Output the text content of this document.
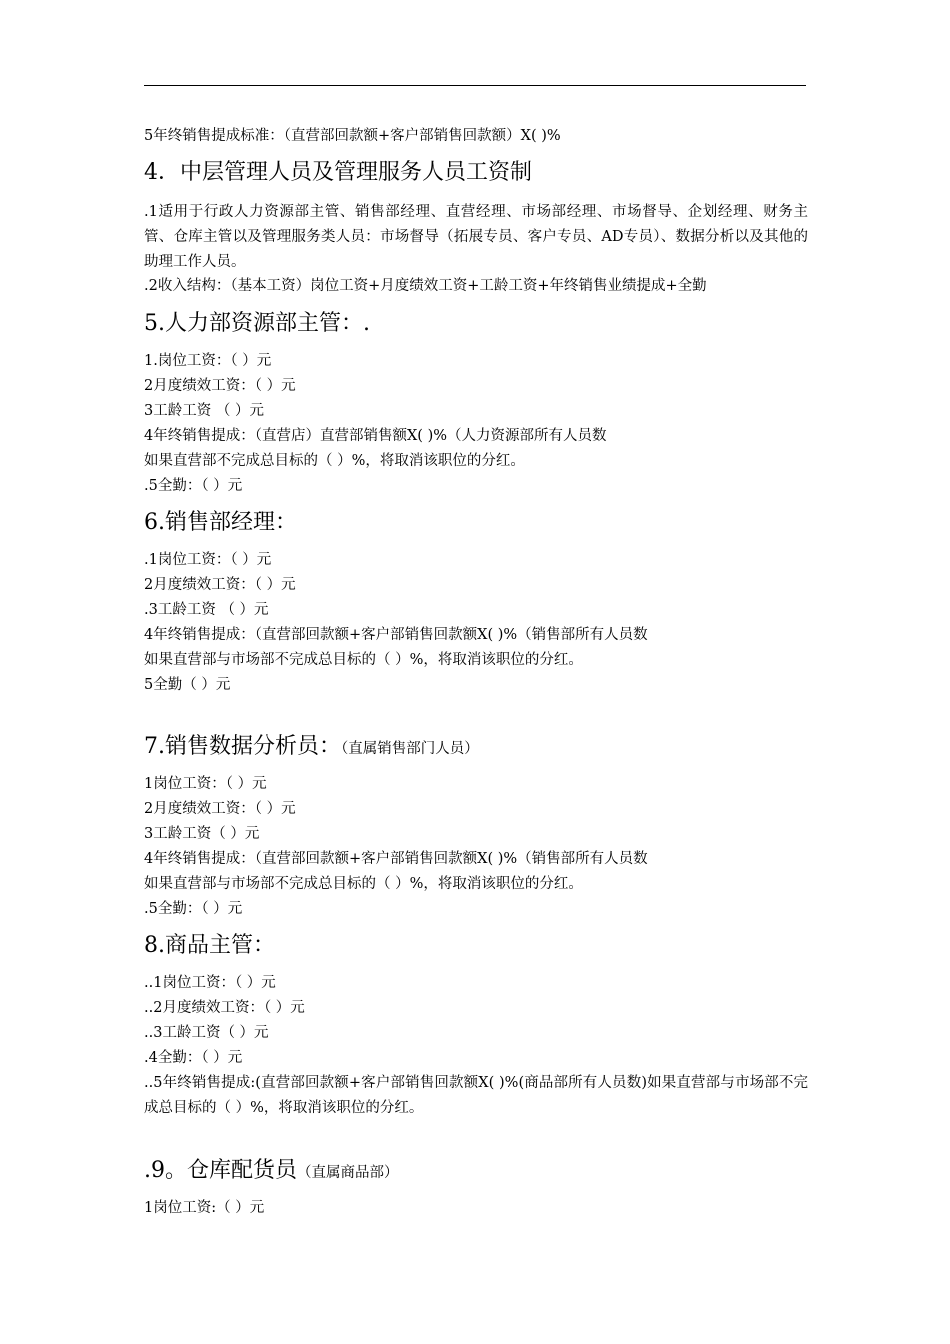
5年终销售提成标准：（直营部回款额+客户部销售回款额）X( )%
4．中层管理人员及管理服务人员工资制
.1适用于行政人力资源部主管、销售部经理、直营经理、市场部经理、市场督导、企划经理、财务主管、仓库主管以及管理服务类人员：市场督导（拓展专员、客户专员、AD专员）、数据分析以及其他的助理工作人员。
.2收入结构：（基本工资）岗位工资+月度绩效工资+工龄工资+年终销售业绩提成+全勤
5.人力部资源部主管：.
1.岗位工资：（ ）元
2月度绩效工资：（ ）元
3工龄工资 （ ）元
4年终销售提成：（直营店）直营部销售额X( )%（人力资源部所有人员数
如果直营部不完成总目标的（ ）%，将取消该职位的分红。
.5全勤：（ ）元
6.销售部经理：
.1岗位工资：（ ）元
2月度绩效工资：（ ）元
.3工龄工资 （ ）元
4年终销售提成：（直营部回款额+客户部销售回款额X( )%（销售部所有人员数
如果直营部与市场部不完成总目标的（ ）%，将取消该职位的分红。
5全勤（ ）元
7.销售数据分析员：（直属销售部门人员）
1岗位工资：（ ）元
2月度绩效工资：（ ）元
3工龄工资（ ）元
4年终销售提成：（直营部回款额+客户部销售回款额X( )%（销售部所有人员数
如果直营部与市场部不完成总目标的（ ）%，将取消该职位的分红。
.5全勤：（ ）元
8.商品主管：
..1岗位工资：（ ）元
..2月度绩效工资：（ ）元
..3工龄工资（ ）元
.4全勤：（ ）元
..5年终销售提成:(直营部回款额+客户部销售回款额X( )%(商品部所有人员数)如果直营部与市场部不完成总目标的（ ）%，将取消该职位的分红。
.9。仓库配货员（直属商品部）
1岗位工资:（ ）元
